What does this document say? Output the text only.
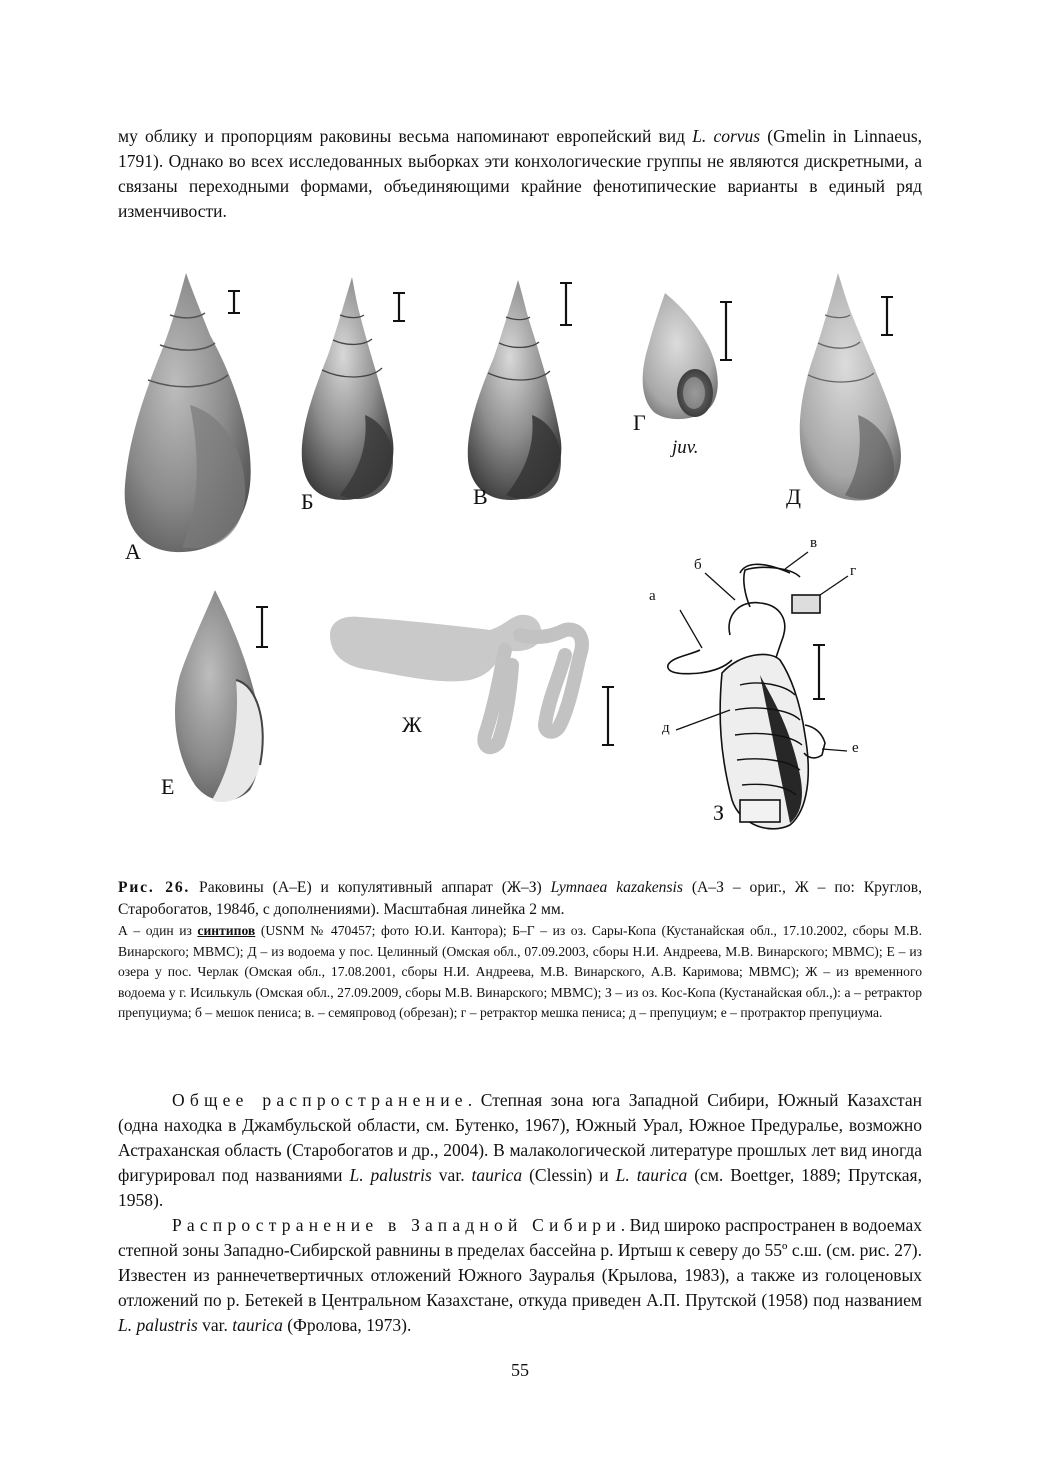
му облику и пропорциям раковины весьма напоминают европейский вид L. corvus (Gmelin in Linnaeus, 1791). Однако во всех исследованных выборках эти конхологические группы не являются дискретными, а связаны переходными формами, объединяющими крайние фенотипические варианты в единый ряд изменчивости.

А
Б	В
Г
juv.
Д
Е
Ж
З
а
б
в
г
д
е

Рис. 26. Раковины (А–Е) и копулятивный аппарат (Ж–З) Lymnaea kazakensis (А–З – ориг., Ж – по: Круглов, Старобогатов, 1984б, с дополнениями). Масштабная линейка 2 мм.

А – один из синтипов (USNM № 470457; фото Ю.И. Кантора); Б–Г – из оз. Сары-Копа (Кустанайская обл., 17.10.2002, сборы М.В. Винарского; МВМС); Д – из водоема у пос. Целинный (Омская обл., 07.09.2003, сборы Н.И. Андреева, М.В. Винарского; МВМС); Е – из озера у пос. Черлак (Омская обл., 17.08.2001, сборы Н.И. Андреева, М.В. Винарского, А.В. Каримова; МВМС); Ж – из временного водоема у г. Исилькуль (Омская обл., 27.09.2009, сборы М.В. Винарского; МВМС); З – из оз. Кос-Копа (Кустанайская обл.,): а – ретрактор препуциума; б – мешок пениса; в. – семяпровод (обрезан); г – ретрактор мешка пениса; д – препуциум; е – протрактор препуциума.

Общее распространение. Степная зона юга Западной Сибири, Южный Казахстан (одна находка в Джамбульской области, см. Бутенко, 1967), Южный Урал, Южное Предуралье, возможно Астраханская область (Старобогатов и др., 2004). В малакологической литературе прошлых лет вид иногда фигурировал под названиями L. palustris var. taurica (Clessin) и L. taurica (см. Boettger, 1889; Прутская, 1958).

Распространение в Западной Сибири. Вид широко распространен в водоемах степной зоны Западно-Сибирской равнины в пределах бассейна р. Иртыш к северу до 55º с.ш. (см. рис. 27). Известен из раннечетвертичных отложений Южного Зауралья (Крылова, 1983), а также из голоценовых отложений по р. Бетекей в Центральном Казахстане, откуда приведен А.П. Прутской (1958) под названием L. palustris var. taurica (Фролова, 1973).

55
